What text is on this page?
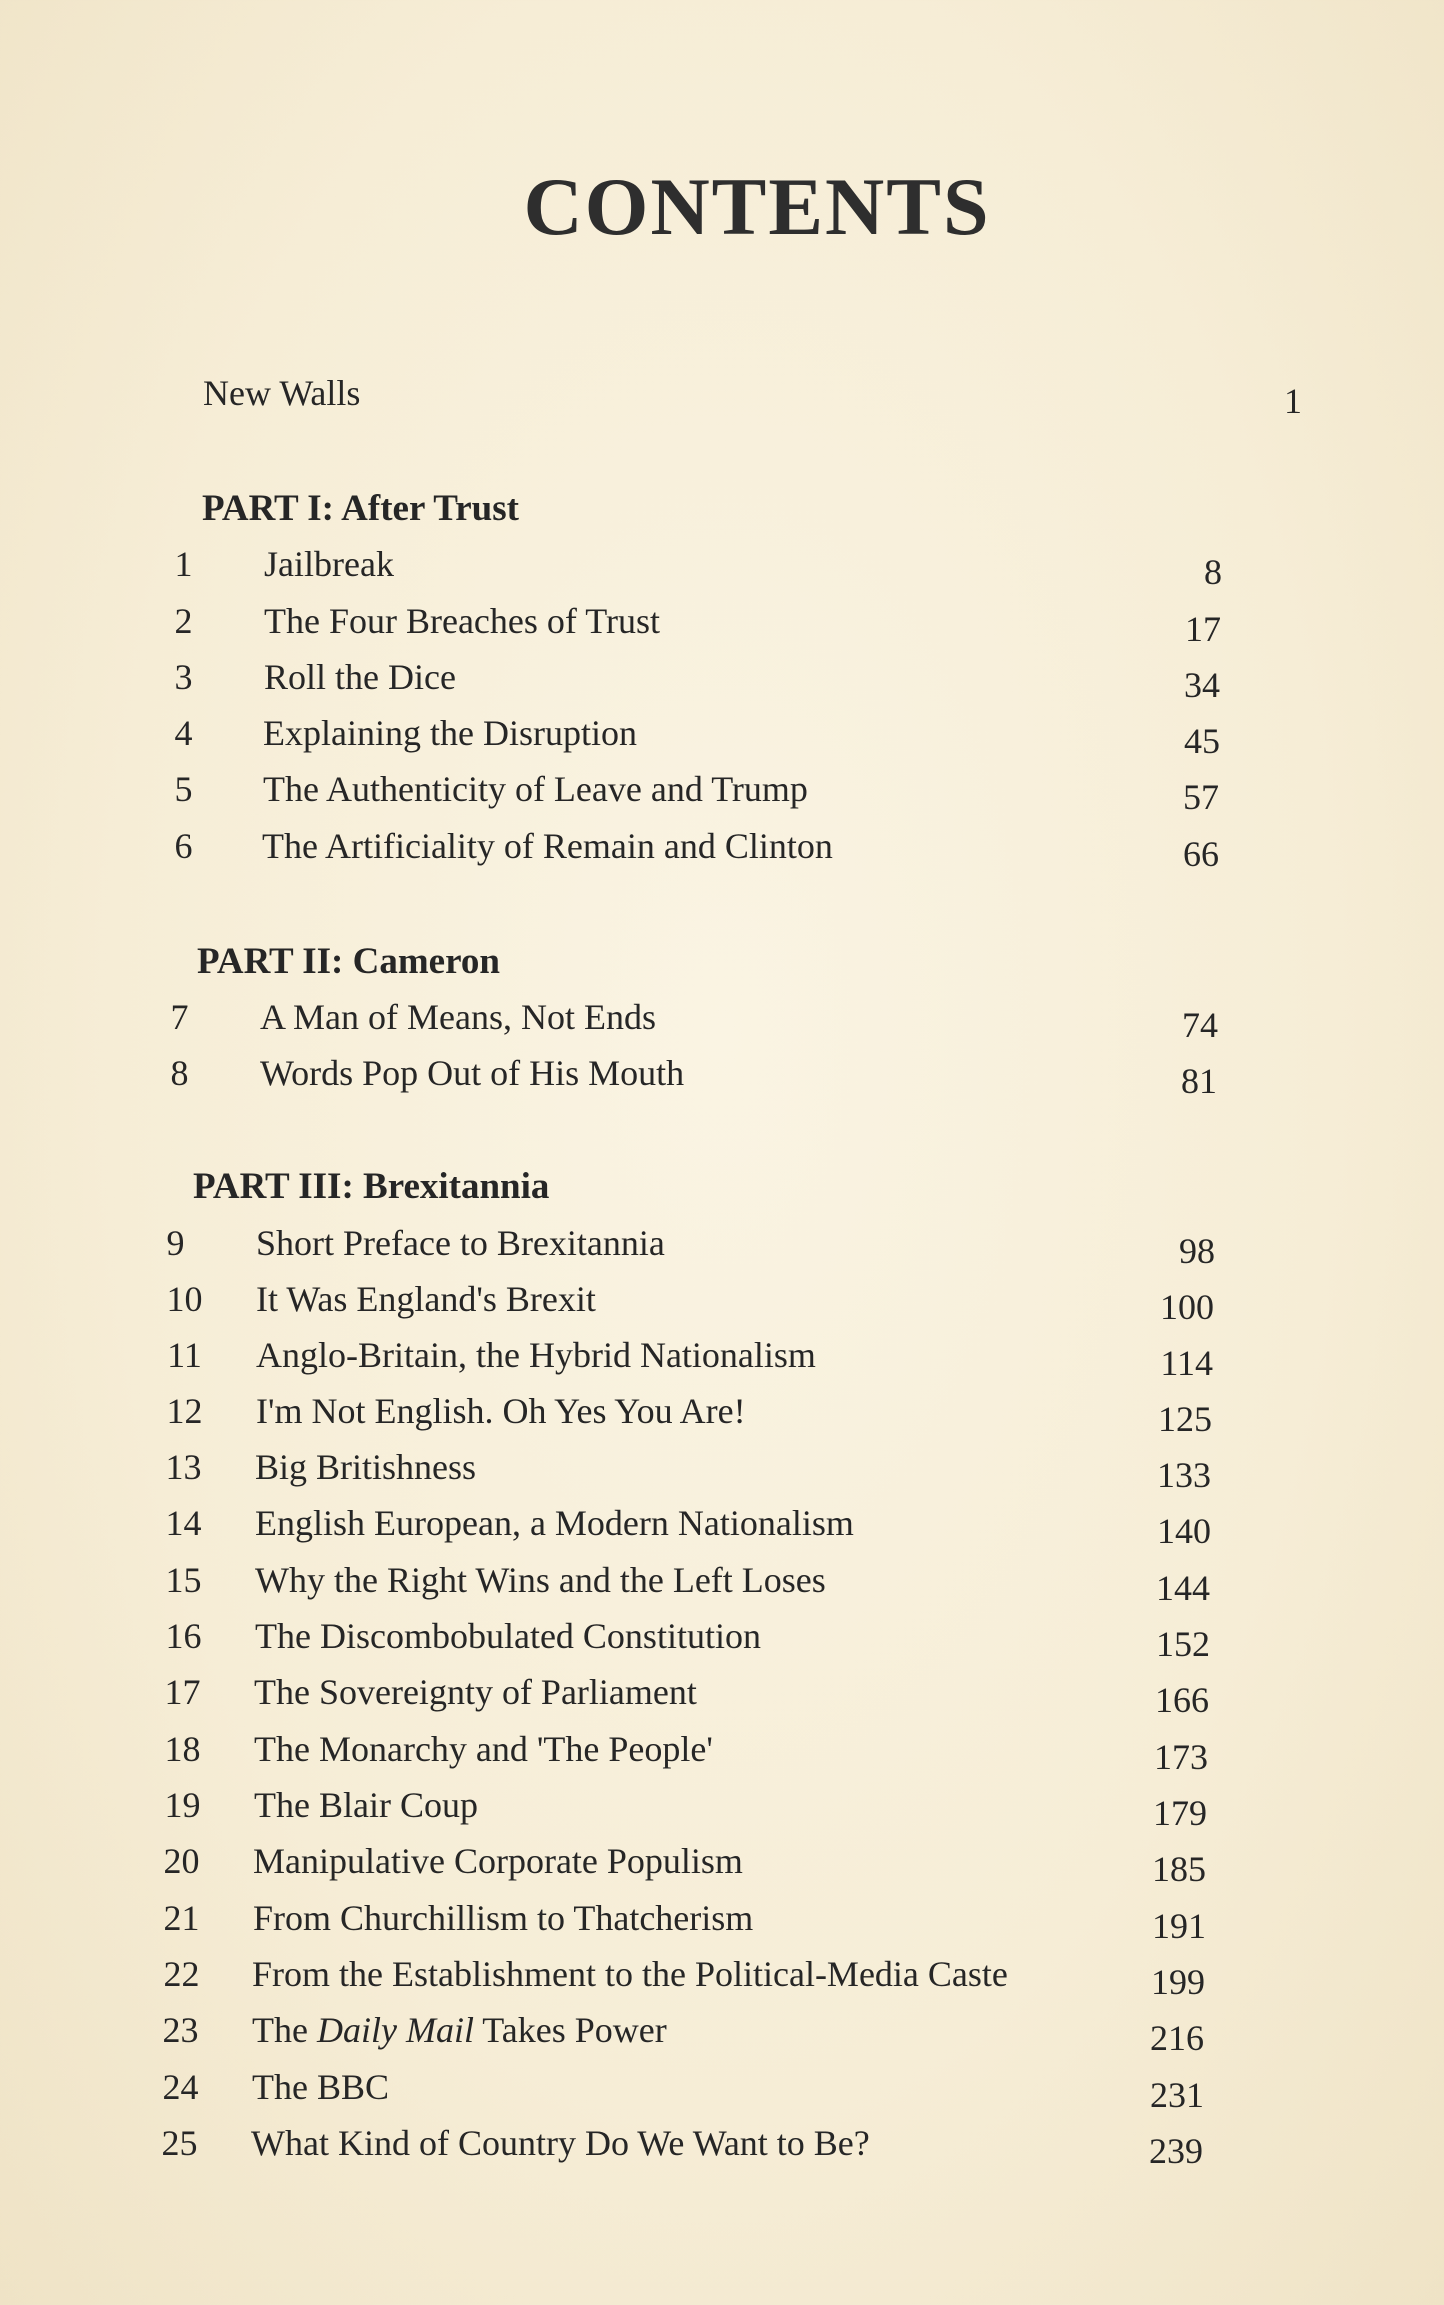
CONTENTS
New Walls	1
PART I: After Trust
PART II: Cameron
PART III: Brexitannia
1	Jailbreak	8
2	The Four Breaches of Trust	17
3	Roll the Dice	34
4	Explaining the Disruption	45
5	The Authenticity of Leave and Trump	57
6	The Artificiality of Remain and Clinton	66
7	A Man of Means, Not Ends	74
8	Words Pop Out of His Mouth	81
9	Short Preface to Brexitannia	98
10 It Was England's Brexit	100
11 Anglo-Britain, the Hybrid Nationalism	114
12 I'm Not English. Oh Yes You Are!	125
13 Big Britishness	133
14 English European, a Modern Nationalism	140
15 Why the Right Wins and the Left Loses	144
16 The Discombobulated Constitution	152
17 The Sovereignty of Parliament	166
18 The Monarchy and 'The People'	173
19 The Blair Coup	179
20 Manipulative Corporate Populism	185
21 From Churchillism to Thatcherism	191
22 From the Establishment to the Political-Media Caste	199
23 The Daily Mail Takes Power	216
24 The BBC	231
25 What Kind of Country Do We Want to Be?	239
